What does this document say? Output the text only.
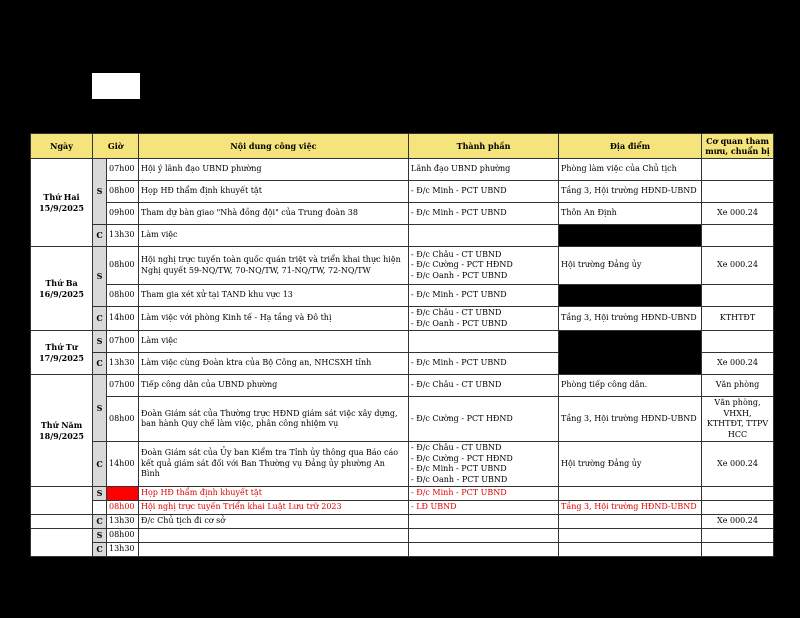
Ngày	Giờ		Nội dung công việc	Thành phần	Địa điểm	Cơ quan tham mưu, chuẩn bị

Thứ Hai
15/9/2025	S	07h00	Hội ý lãnh đạo UBND phường	Lãnh đạo UBND phường	Phòng làm việc của Chủ tịch	
		08h00	Họp HĐ thẩm định khuyết tật	- Đ/c Minh - PCT UBND	Tầng 3, Hội trường HĐND-UBND	
		09h00	Tham dự bàn giao "Nhà đồng đội" của Trung đoàn 38	- Đ/c Minh - PCT UBND	Thôn An Định	Xe 000.24
	C	13h30	Làm việc			

Thứ Ba
16/9/2025	S	08h00	Hội nghị trực tuyến toàn quốc quán triệt và triển khai thực hiện Nghị quyết 59-NQ/TW, 70-NQ/TW, 71-NQ/TW, 72-NQ/TW	- Đ/c Châu - CT UBND
- Đ/c Cường - PCT HĐND
- Đ/c Oanh - PCT UBND	Hội trường Đảng ủy	Xe 000.24
		08h00	Tham gia xét xử tại TAND khu vực 13	- Đ/c Minh - PCT UBND		

	C	14h00	Làm việc với phòng Kinh tế - Hạ tầng và Đô thị	- Đ/c Châu - CT UBND
- Đ/c Oanh - PCT UBND	Tầng 3, Hội trường HĐND-UBND	KTHTĐT

Thứ Tư
17/9/2025	S	07h00	Làm việc			
	C	13h30	Làm việc cùng Đoàn ktra của Bộ Công an, NHCSXH tỉnh	- Đ/c Minh - PCT UBND		Xe 000.24

Thứ Năm
18/9/2025	S	07h00	Tiếp công dân của UBND phường	- Đ/c Châu - CT UBND	Phòng tiếp công dân.	Văn phòng
		08h00	Đoàn Giám sát của Thường trực HĐND giám sát việc xây dựng, ban hành Quy chế làm việc, phân công nhiệm vụ	- Đ/c Cường - PCT HĐND	Tầng 3, Hội trường HĐND-UBND	Văn phòng, VHXH, KTHTĐT, TTPV HCC
	C	14h00	Đoàn Giám sát của Ủy ban Kiểm tra Tỉnh ủy thông qua Báo cáo kết quả giám sát đối với Ban Thường vụ Đảng ủy phường An Bình	- Đ/c Châu - CT UBND
- Đ/c Cường - PCT HĐND
- Đ/c Minh - PCT UBND
- Đ/c Oanh - PCT UBND	Hội trường Đảng ủy	Xe 000.24
	S		Họp HĐ thẩm định khuyết tật	- Đ/c Minh - PCT UBND		

		08h00	Hội nghị trực tuyến Triển khai Luật Lưu trữ 2023	- LĐ UBND	Tầng 3, Hội trường HĐND-UBND	
	C	13h30	Đ/c Chủ tịch đi cơ sở			Xe 000.24
	S	08h00				
	C	13h30				
